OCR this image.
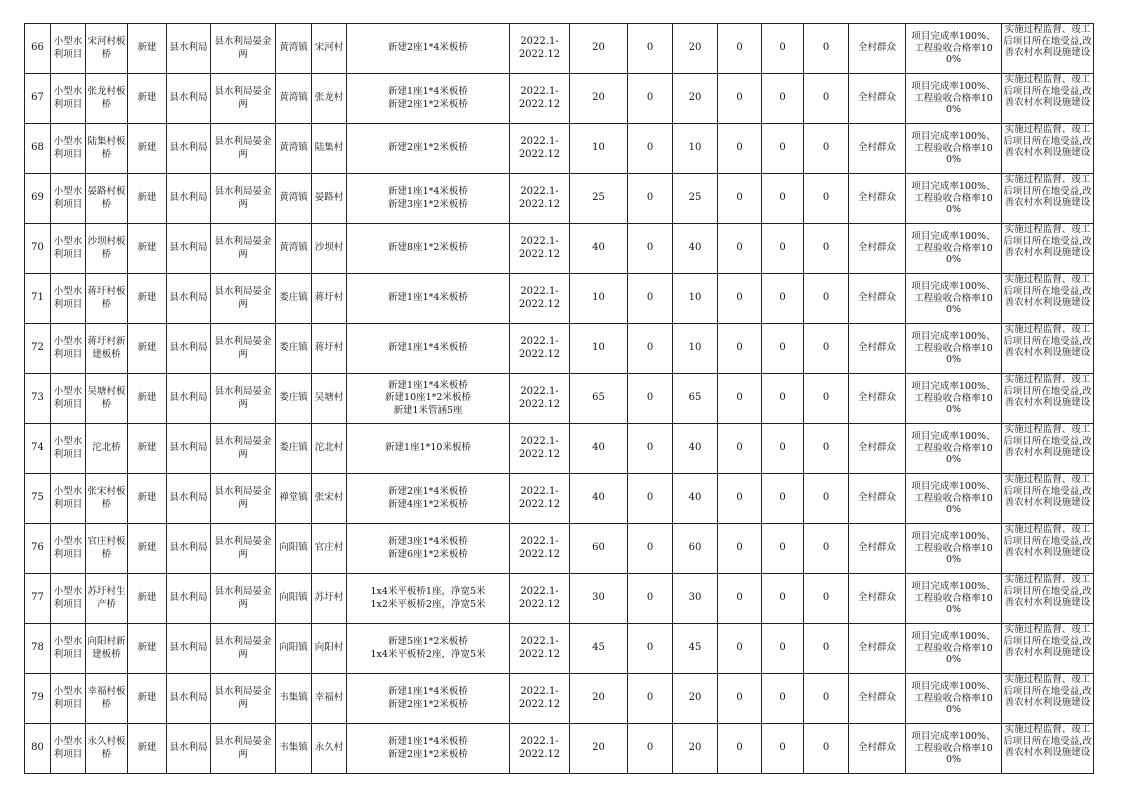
66	小型水利项目	宋河村板桥	新建	县水利局	县水利局晏金两	黄湾镇	宋河村	新建2座1*4米板桥	2022.1-
2022.12	20	0	20	0	0	0	全村群众	项目完成率100%、工程验收合格率100%	实施过程监督、竣工后项目所在地受益,改善农村水利设施建设
67	小型水利项目	张龙村板桥	新建	县水利局	县水利局晏金两	黄湾镇	张龙村	新建1座1*4米板桥
新建2座1*2米板桥	2022.1-
2022.12	20	0	20	0	0	0	全村群众	项目完成率100%、工程验收合格率100%	实施过程监督、竣工后项目所在地受益,改善农村水利设施建设
68	小型水利项目	陆集村板桥	新建	县水利局	县水利局晏金两	黄湾镇	陆集村	新建2座1*2米板桥	2022.1-
2022.12	10	0	10	0	0	0	全村群众	项目完成率100%、工程验收合格率100%	实施过程监督、竣工后项目所在地受益,改善农村水利设施建设
69	小型水利项目	晏路村板桥	新建	县水利局	县水利局晏金两	黄湾镇	晏路村	新建1座1*4米板桥
新建3座1*2米板桥	2022.1-
2022.12	25	0	25	0	0	0	全村群众	项目完成率100%、工程验收合格率100%	实施过程监督、竣工后项目所在地受益,改善农村水利设施建设
70	小型水利项目	沙坝村板桥	新建	县水利局	县水利局晏金两	黄湾镇	沙坝村	新建8座1*2米板桥	2022.1-
2022.12	40	0	40	0	0	0	全村群众	项目完成率100%、工程验收合格率100%	实施过程监督、竣工后项目所在地受益,改善农村水利设施建设
71	小型水利项目	蒋圩村板桥	新建	县水利局	县水利局晏金两	娄庄镇	蒋圩村	新建1座1*4米板桥	2022.1-
2022.12	10	0	10	0	0	0	全村群众	项目完成率100%、工程验收合格率100%	实施过程监督、竣工后项目所在地受益,改善农村水利设施建设
72	小型水利项目	蒋圩村新建板桥	新建	县水利局	县水利局晏金两	娄庄镇	蒋圩村	新建1座1*4米板桥	2022.1-
2022.12	10	0	10	0	0	0	全村群众	项目完成率100%、工程验收合格率100%	实施过程监督、竣工后项目所在地受益,改善农村水利设施建设
73	小型水利项目	吴塘村板桥	新建	县水利局	县水利局晏金两	娄庄镇	吴塘村	新建1座1*4米板桥
新建10座1*2米板桥
新建1米管涵5座	2022.1-
2022.12	65	0	65	0	0	0	全村群众	项目完成率100%、工程验收合格率100%	实施过程监督、竣工后项目所在地受益,改善农村水利设施建设
74	小型水利项目	沱北桥	新建	县水利局	县水利局晏金两	娄庄镇	沱北村	新建1座1*10米板桥	2022.1-
2022.12	40	0	40	0	0	0	全村群众	项目完成率100%、工程验收合格率100%	实施过程监督、竣工后项目所在地受益,改善农村水利设施建设
75	小型水利项目	张宋村板桥	新建	县水利局	县水利局晏金两	禅堂镇	张宋村	新建2座1*4米板桥
新建4座1*2米板桥	2022.1-
2022.12	40	0	40	0	0	0	全村群众	项目完成率100%、工程验收合格率100%	实施过程监督、竣工后项目所在地受益,改善农村水利设施建设
76	小型水利项目	官庄村板桥	新建	县水利局	县水利局晏金两	向阳镇	官庄村	新建3座1*4米板桥
新建6座1*2米板桥	2022.1-
2022.12	60	0	60	0	0	0	全村群众	项目完成率100%、工程验收合格率100%	实施过程监督、竣工后项目所在地受益,改善农村水利设施建设
77	小型水利项目	苏圩村生产桥	新建	县水利局	县水利局晏金两	向阳镇	苏圩村	1x4米平板桥1座，净宽5米
1x2米平板桥2座，净宽5米	2022.1-
2022.12	30	0	30	0	0	0	全村群众	项目完成率100%、工程验收合格率100%	实施过程监督、竣工后项目所在地受益,改善农村水利设施建设
78	小型水利项目	向阳村新建板桥	新建	县水利局	县水利局晏金两	向阳镇	向阳村	新建5座1*2米板桥
1x4米平板桥2座，净宽5米	2022.1-
2022.12	45	0	45	0	0	0	全村群众	项目完成率100%、工程验收合格率100%	实施过程监督、竣工后项目所在地受益,改善农村水利设施建设
79	小型水利项目	幸福村板桥	新建	县水利局	县水利局晏金两	韦集镇	幸福村	新建1座1*4米板桥
新建2座1*2米板桥	2022.1-
2022.12	20	0	20	0	0	0	全村群众	项目完成率100%、工程验收合格率100%	实施过程监督、竣工后项目所在地受益,改善农村水利设施建设
80	小型水利项目	永久村板桥	新建	县水利局	县水利局晏金两	韦集镇	永久村	新建1座1*4米板桥
新建2座1*2米板桥	2022.1-
2022.12	20	0	20	0	0	0	全村群众	项目完成率100%、工程验收合格率100%	实施过程监督、竣工后项目所在地受益,改善农村水利设施建设
